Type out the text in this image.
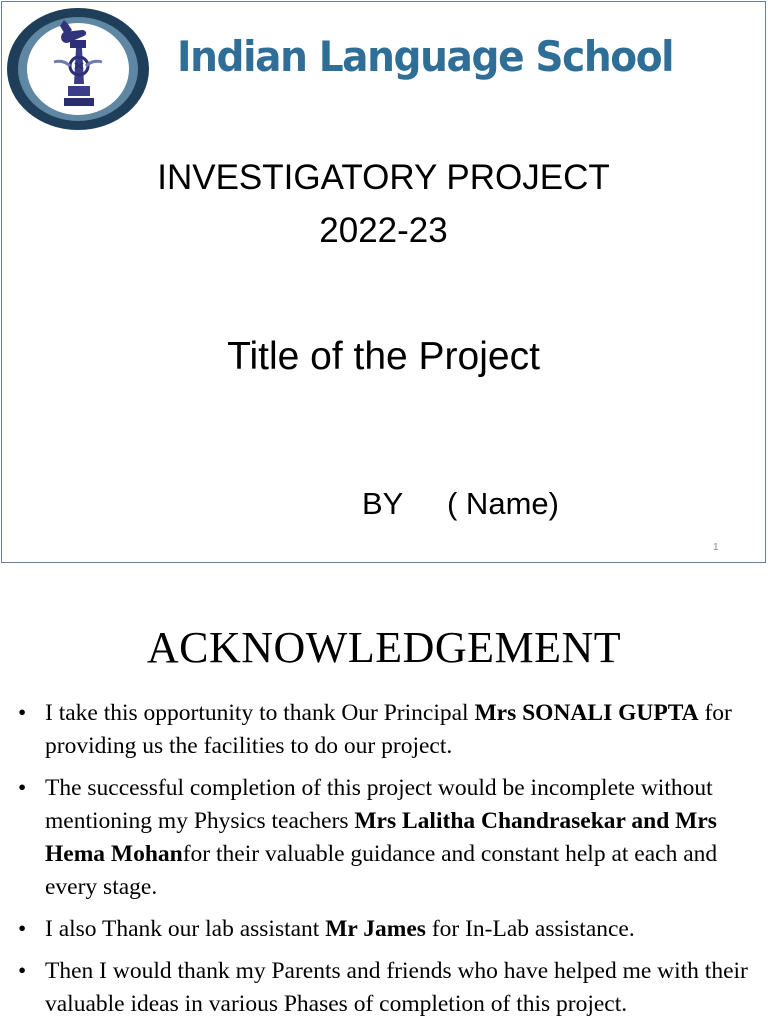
Indian Language School
INVESTIGATORY PROJECT
2022-23
Title of the Project
BY ( Name)
1
ACKNOWLEDGEMENT
• I take this opportunity to thank Our Principal Mrs SONALI GUPTA for providing us the facilities to do our project.
• The successful completion of this project would be incomplete without mentioning my Physics teachers Mrs Lalitha Chandrasekar and Mrs Hema Mohanfor their valuable guidance and constant help at each and every stage.
• I also Thank our lab assistant Mr James for In-Lab assistance.
• Then I would thank my Parents and friends who have helped me with their valuable ideas in various Phases of completion of this project.
